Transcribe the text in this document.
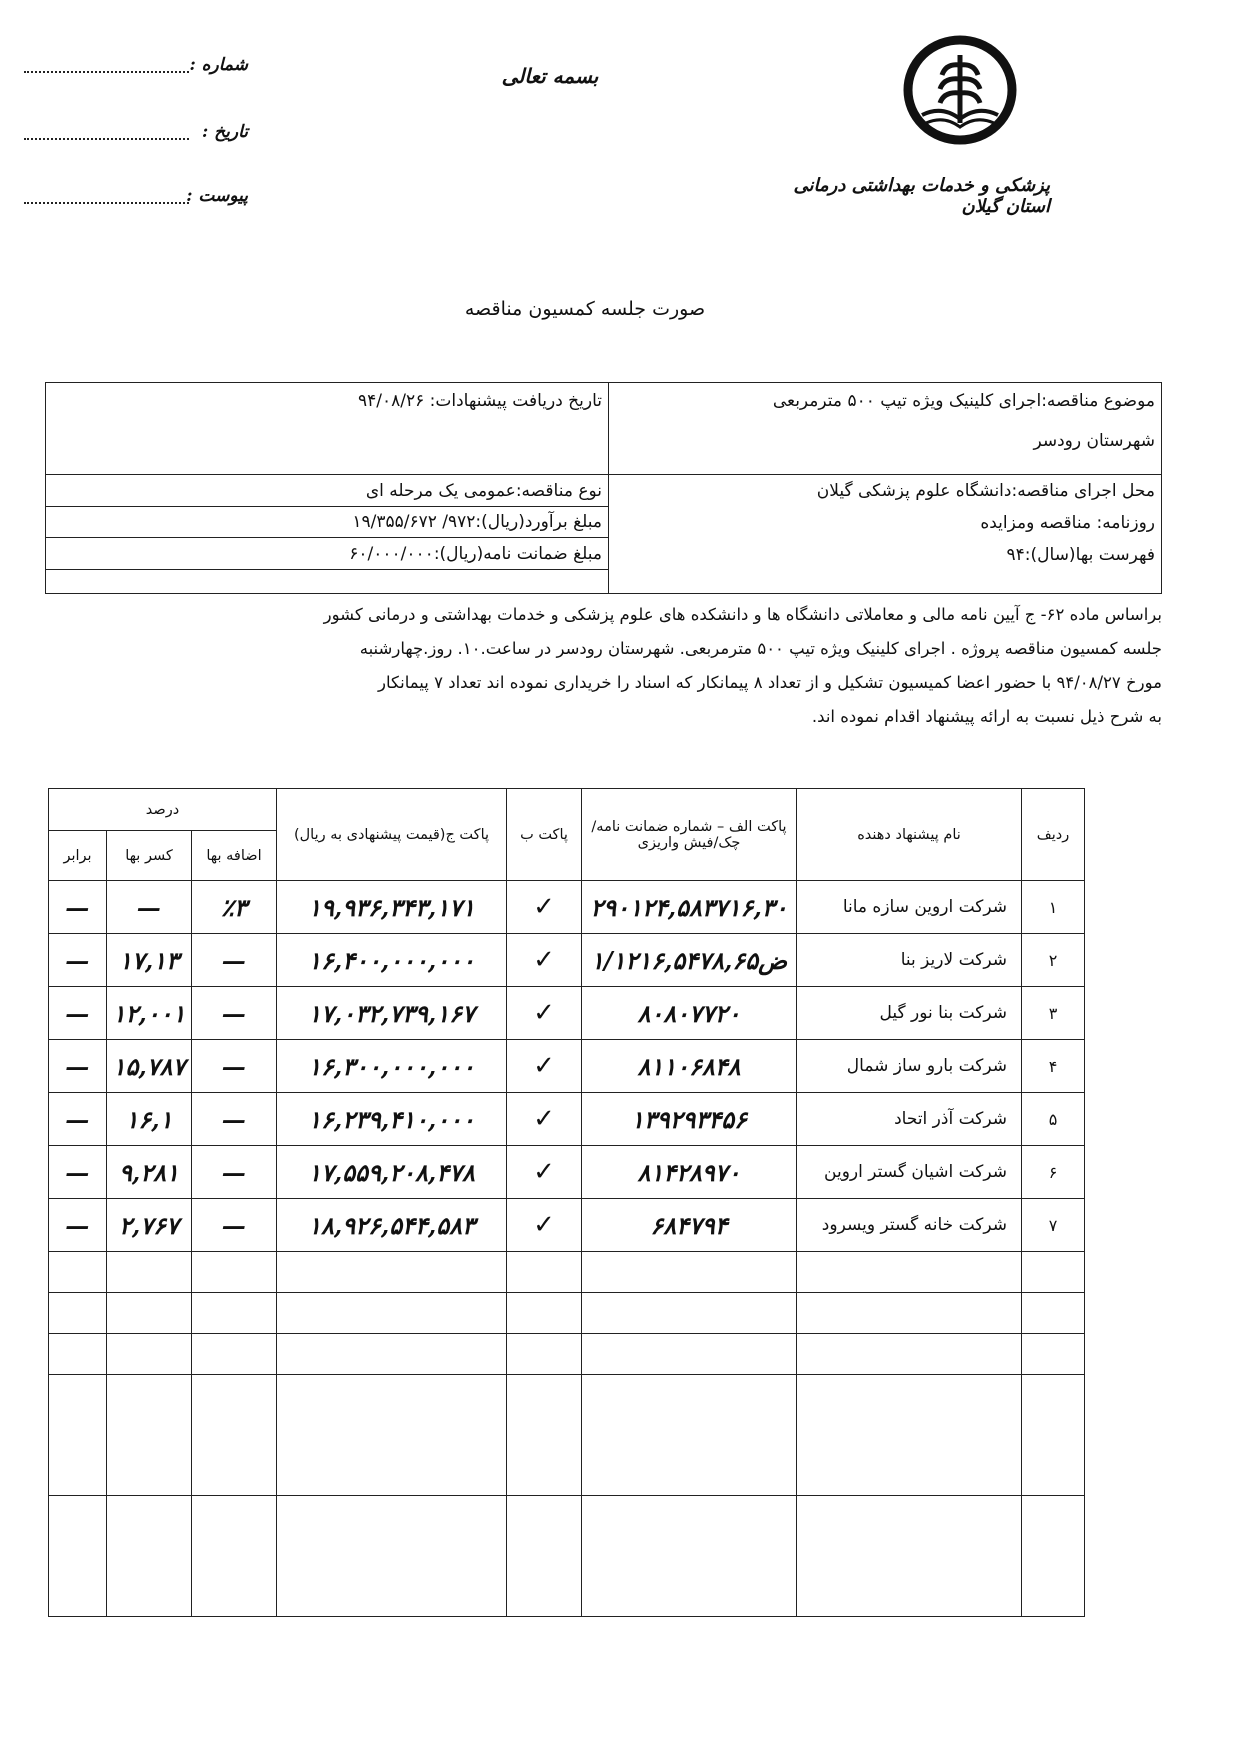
شماره :
تاریخ :
پیوست :
بسمه تعالی
پزشکی و خدمات بهداشتی درمانی استان گیلان
صورت جلسه کمسیون مناقصه
موضوع مناقصه:اجرای کلینیک ویژه تیپ ۵۰۰ مترمربعی
شهرستان رودسر
تاریخ دریافت پیشنهادات: ۹۴/۰۸/۲۶
محل اجرای مناقصه:دانشگاه علوم پزشکی گیلان
نوع مناقصه:عمومی یک مرحله ای
روزنامه: مناقصه ومزایده
مبلغ برآورد(ریال):۹۷۲/ ۱۹/۳۵۵/۶۷۲
فهرست بها(سال):۹۴
مبلغ ضمانت نامه(ریال):۶۰/۰۰۰/۰۰۰
براساس ماده ۶۲- ج آیین نامه مالی و معاملاتی دانشگاه ها و دانشکده های علوم پزشکی و خدمات بهداشتی و درمانی کشور
جلسه کمسیون مناقصه پروژه . اجرای کلینیک ویژه تیپ ۵۰۰ مترمربعی. شهرستان رودسر در ساعت.۱۰. روز.چهارشنبه
مورخ ۹۴/۰۸/۲۷ با حضور اعضا کمیسیون تشکیل و از تعداد ۸ پیمانکار که اسناد را خریداری نموده اند تعداد ۷ پیمانکار
به شرح ذیل نسبت به ارائه پیشنهاد اقدام نموده اند.
ردیف	نام پیشنهاد دهنده	پاکت الف – شماره ضمانت نامه/چک/فیش واریزی	پاکت ب	پاکت ج(قیمت پیشنهادی به ریال)	درصد		
					اضافه بها	کسر بها	برابر
۱	شرکت اروین سازه مانا	۲۹۰۱۲۴,۵۸۳۷۱۶,۳۰	✓	۱۹,۹۳۶,۳۴۳,۱۷۱	٪۳	—	—
۲	شرکت لاریز بنا	ض۱/۱۲۱۶,۵۴۷۸,۶۵	✓	۱۶,۴۰۰,۰۰۰,۰۰۰	—	۱۷,۱۳	—
۳	شرکت بنا نور گیل	۸۰۸۰۷۷۲۰	✓	۱۷,۰۳۲,۷۳۹,۱۶۷	—	۱۲,۰۰۱	—
۴	شرکت بارو ساز شمال	۸۱۱۰۶۸۴۸	✓	۱۶,۳۰۰,۰۰۰,۰۰۰	—	۱۵,۷۸۷	—
۵	شرکت آذر اتحاد	۱۳۹۲۹۳۴۵۶	✓	۱۶,۲۳۹,۴۱۰,۰۰۰	—	۱۶,۱	—
۶	شرکت اشیان گستر اروین	۸۱۴۲۸۹۷۰	✓	۱۷,۵۵۹,۲۰۸,۴۷۸	—	۹,۲۸۱	—
۷	شرکت خانه گستر ویسرود	۶۸۴۷۹۴	✓	۱۸,۹۲۶,۵۴۴,۵۸۳	—	۲,۷۶۷	—
